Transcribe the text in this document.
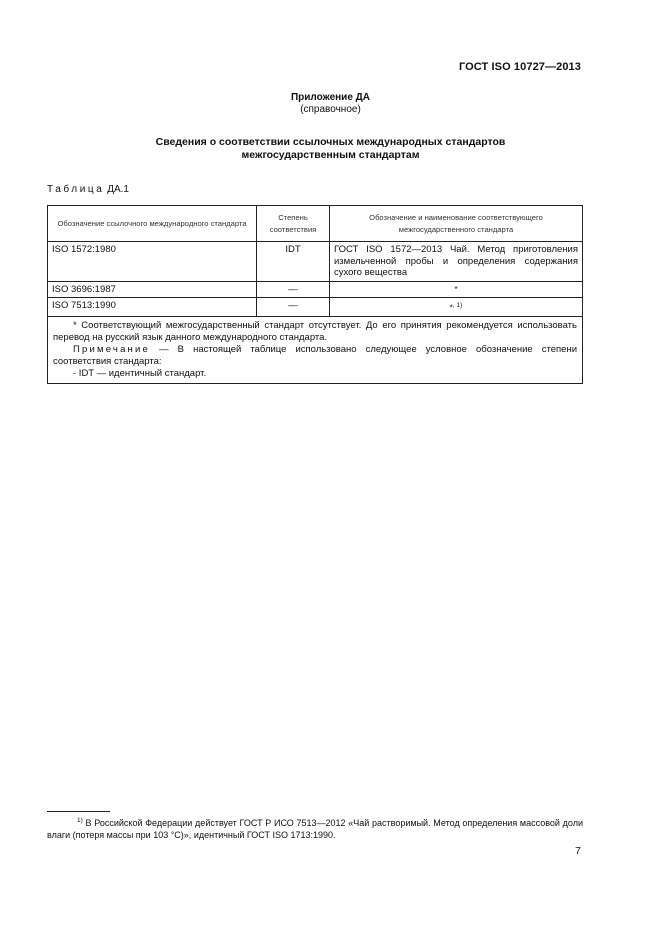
ГОСТ ISO 10727—2013
Приложение ДА
(справочное)
Сведения о соответствии ссылочных международных стандартов
межгосударственным стандартам
Таблица ДА.1
Обозначение ссылочного международного стандарта	Степень соответствия	Обозначение и наименование соответствующего межгосударственного стандарта
ISO 1572:1980	IDT	ГОСТ ISO 1572—2013 Чай. Метод приготовления измельченной пробы и определения содержания сухого вещества
ISO 3696:1987	—	*
ISO 7513:1990	—	*$^{, 1)}$

* Соответствующий межгосударственный стандарт отсутствует. До его принятия рекомендуется использовать перевод на русский язык данного международного стандарта.

Примечание — В настоящей таблице использовано следующее условное обозначение степени соответствия стандарта:

- IDT — идентичный стандарт.		

$^{1)}$ В Российской Федерации действует ГОСТ Р ИСО 7513—2012 «Чай растворимый. Метод определения массовой доли влаги (потеря массы при 103 °С)», идентичный ГОСТ ISO 1713:1990.
7
